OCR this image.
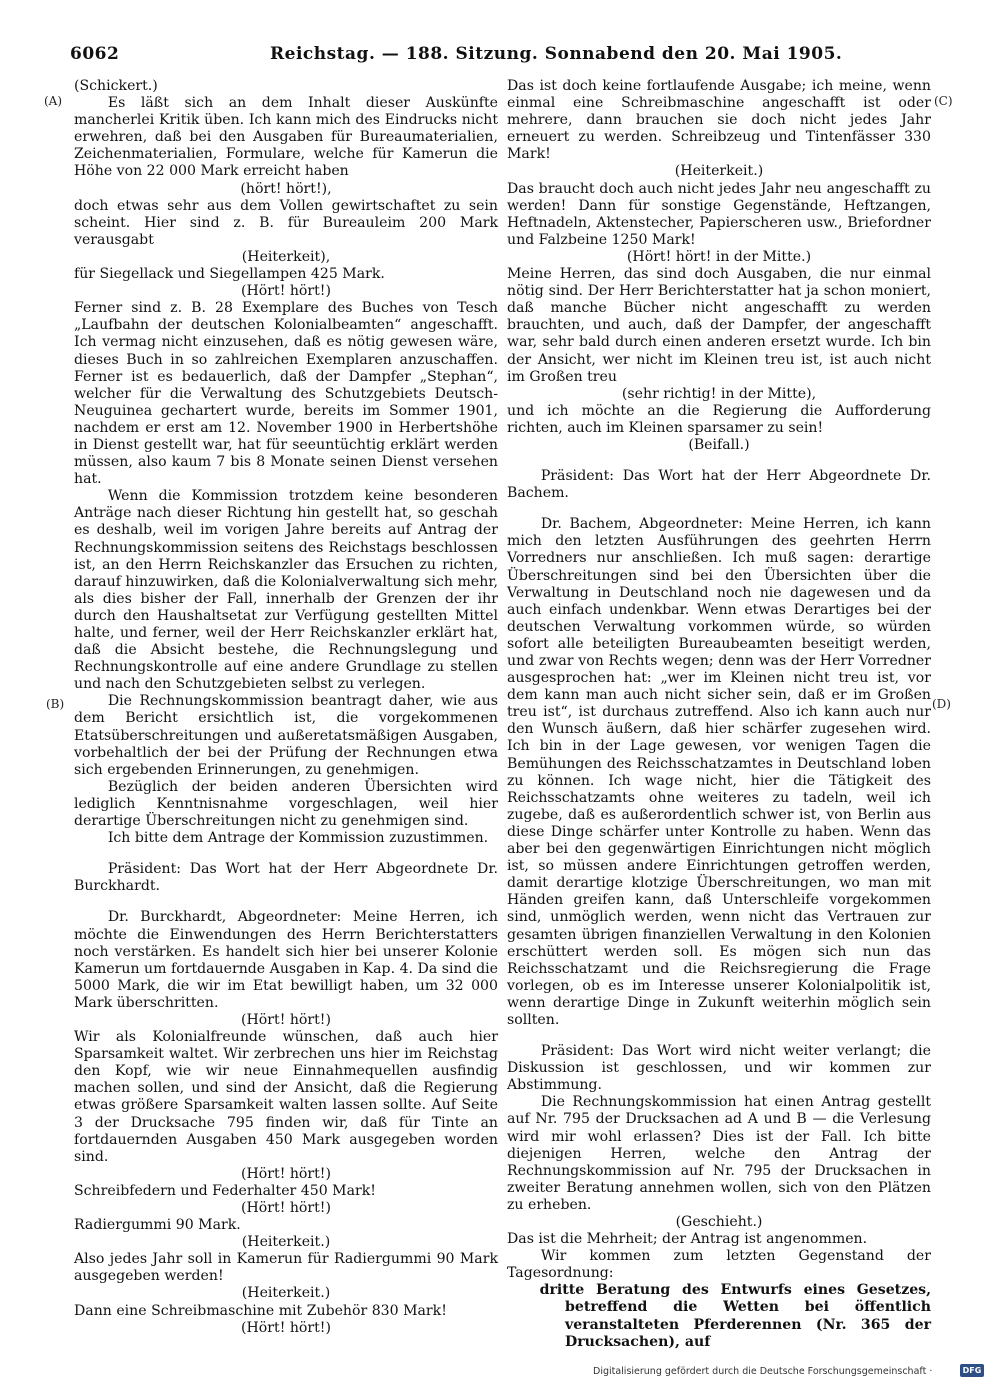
6062	Reichstag. — 188. Sitzung. Sonnabend den 20. Mai 1905.
(A)
(B)
(C)
(D)

(Schickert.)

Es läßt sich an dem Inhalt dieser Auskünfte mancherlei Kritik üben. Ich kann mich des Eindrucks nicht erwehren, daß bei den Ausgaben für Bureaumaterialien, Zeichenmaterialien, Formulare, welche für Kamerun die Höhe von 22 000 Mark erreicht haben

(hört! hört!),

doch etwas sehr aus dem Vollen gewirtschaftet zu sein scheint. Hier sind z. B. für Bureauleim 200 Mark verausgabt

(Heiterkeit),

für Siegellack und Siegellampen 425 Mark.

(Hört! hört!)

Ferner sind z. B. 28 Exemplare des Buches von Tesch „Laufbahn der deutschen Kolonialbeamten“ angeschafft. Ich vermag nicht einzusehen, daß es nötig gewesen wäre, dieses Buch in so zahlreichen Exemplaren anzuschaffen. Ferner ist es bedauerlich, daß der Dampfer „Stephan“, welcher für die Verwaltung des Schutzgebiets Deutsch-Neuguinea gechartert wurde, bereits im Sommer 1901, nachdem er erst am 12. November 1900 in Herbertshöhe in Dienst gestellt war, hat für seeuntüchtig erklärt werden müssen, also kaum 7 bis 8 Monate seinen Dienst versehen hat.

Wenn die Kommission trotzdem keine besonderen Anträge nach dieser Richtung hin gestellt hat, so geschah es deshalb, weil im vorigen Jahre bereits auf Antrag der Rechnungskommission seitens des Reichstags beschlossen ist, an den Herrn Reichskanzler das Ersuchen zu richten, darauf hinzuwirken, daß die Kolonialverwaltung sich mehr, als dies bisher der Fall, innerhalb der Grenzen der ihr durch den Haushaltsetat zur Verfügung gestellten Mittel halte, und ferner, weil der Herr Reichskanzler erklärt hat, daß die Absicht bestehe, die Rechnungslegung und Rechnungskontrolle auf eine andere Grundlage zu stellen und nach den Schutzgebieten selbst zu verlegen.

Die Rechnungskommission beantragt daher, wie aus dem Bericht ersichtlich ist, die vorgekommenen Etatsüberschreitungen und außeretatsmäßigen Ausgaben, vorbehaltlich der bei der Prüfung der Rechnungen etwa sich ergebenden Erinnerungen, zu genehmigen.

Bezüglich der beiden anderen Übersichten wird lediglich Kenntnisnahme vorgeschlagen, weil hier derartige Überschreitungen nicht zu genehmigen sind.

Ich bitte dem Antrage der Kommission zuzustimmen.

Präsident: Das Wort hat der Herr Abgeordnete Dr. Burckhardt.

Dr. Burckhardt, Abgeordneter: Meine Herren, ich möchte die Einwendungen des Herrn Berichterstatters noch verstärken. Es handelt sich hier bei unserer Kolonie Kamerun um fortdauernde Ausgaben in Kap. 4. Da sind die 5000 Mark, die wir im Etat bewilligt haben, um 32 000 Mark überschritten.

(Hört! hört!)

Wir als Kolonialfreunde wünschen, daß auch hier Sparsamkeit waltet. Wir zerbrechen uns hier im Reichstag den Kopf, wie wir neue Einnahmequellen ausfindig machen sollen, und sind der Ansicht, daß die Regierung etwas größere Sparsamkeit walten lassen sollte. Auf Seite 3 der Drucksache 795 finden wir, daß für Tinte an fortdauernden Ausgaben 450 Mark ausgegeben worden sind.

(Hört! hört!)

Schreibfedern und Federhalter 450 Mark!

(Hört! hört!)

Radiergummi 90 Mark.

(Heiterkeit.)

Also jedes Jahr soll in Kamerun für Radiergummi 90 Mark ausgegeben werden!

(Heiterkeit.)

Dann eine Schreibmaschine mit Zubehör 830 Mark!

(Hört! hört!)

Das ist doch keine fortlaufende Ausgabe; ich meine, wenn einmal eine Schreibmaschine angeschafft ist oder mehrere, dann brauchen sie doch nicht jedes Jahr erneuert zu werden. Schreibzeug und Tintenfässer 330 Mark!

(Heiterkeit.)

Das braucht doch auch nicht jedes Jahr neu angeschafft zu werden! Dann für sonstige Gegenstände, Heftzangen, Heftnadeln, Aktenstecher, Papierscheren usw., Briefordner und Falzbeine 1250 Mark!

(Hört! hört! in der Mitte.)

Meine Herren, das sind doch Ausgaben, die nur einmal nötig sind. Der Herr Berichterstatter hat ja schon moniert, daß manche Bücher nicht angeschafft zu werden brauchten, und auch, daß der Dampfer, der angeschafft war, sehr bald durch einen anderen ersetzt wurde. Ich bin der Ansicht, wer nicht im Kleinen treu ist, ist auch nicht im Großen treu

(sehr richtig! in der Mitte),

und ich möchte an die Regierung die Aufforderung richten, auch im Kleinen sparsamer zu sein!

(Beifall.)

Präsident: Das Wort hat der Herr Abgeordnete Dr. Bachem.

Dr. Bachem, Abgeordneter: Meine Herren, ich kann mich den letzten Ausführungen des geehrten Herrn Vorredners nur anschließen. Ich muß sagen: derartige Überschreitungen sind bei den Übersichten über die Verwaltung in Deutschland noch nie dagewesen und da auch einfach undenkbar. Wenn etwas Derartiges bei der deutschen Verwaltung vorkommen würde, so würden sofort alle beteiligten Bureaubeamten beseitigt werden, und zwar von Rechts wegen; denn was der Herr Vorredner ausgesprochen hat: „wer im Kleinen nicht treu ist, vor dem kann man auch nicht sicher sein, daß er im Großen treu ist“, ist durchaus zutreffend. Also ich kann auch nur den Wunsch äußern, daß hier schärfer zugesehen wird. Ich bin in der Lage gewesen, vor wenigen Tagen die Bemühungen des Reichsschatzamtes in Deutschland loben zu können. Ich wage nicht, hier die Tätigkeit des Reichsschatzamts ohne weiteres zu tadeln, weil ich zugebe, daß es außerordentlich schwer ist, von Berlin aus diese Dinge schärfer unter Kontrolle zu haben. Wenn das aber bei den gegenwärtigen Einrichtungen nicht möglich ist, so müssen andere Einrichtungen getroffen werden, damit derartige klotzige Überschreitungen, wo man mit Händen greifen kann, daß Unterschleife vorgekommen sind, unmöglich werden, wenn nicht das Vertrauen zur gesamten übrigen finanziellen Verwaltung in den Kolonien erschüttert werden soll. Es mögen sich nun das Reichsschatzamt und die Reichsregierung die Frage vorlegen, ob es im Interesse unserer Kolonialpolitik ist, wenn derartige Dinge in Zukunft weiterhin möglich sein sollten.

Präsident: Das Wort wird nicht weiter verlangt; die Diskussion ist geschlossen, und wir kommen zur Abstimmung.

Die Rechnungskommission hat einen Antrag gestellt auf Nr. 795 der Drucksachen ad A und B — die Verlesung wird mir wohl erlassen? Dies ist der Fall. Ich bitte diejenigen Herren, welche den Antrag der Rechnungskommission auf Nr. 795 der Drucksachen in zweiter Beratung annehmen wollen, sich von den Plätzen zu erheben.

(Geschieht.)

Das ist die Mehrheit; der Antrag ist angenommen.

Wir kommen zum letzten Gegenstand der Tagesordnung:

dritte Beratung des Entwurfs eines Gesetzes, betreffend die Wetten bei öffentlich veranstalteten Pferderennen (Nr. 365 der Drucksachen), auf

Digitalisierung gefördert durch die Deutsche Forschungsgemeinschaft ·	DFG
